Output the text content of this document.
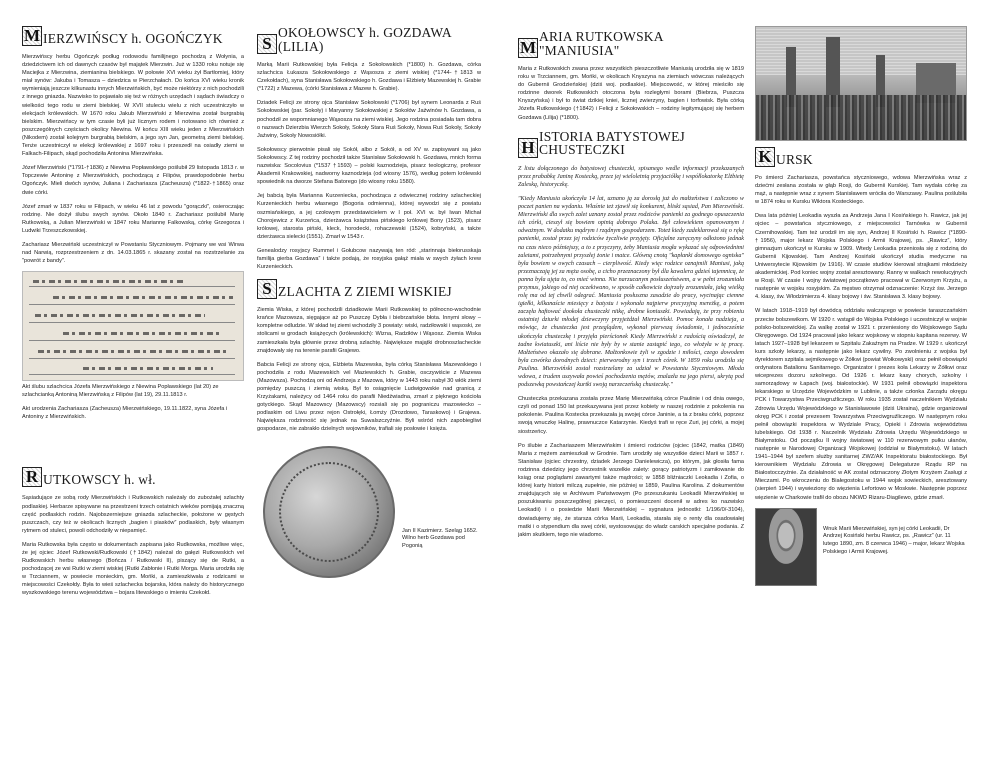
M IERZWIŃSCY h. OGOŃCZYK

Mierzwińscy herbu Ogończyk podług rodowodu familijnego pochodzą z Wołynia, a dziedzictwem ich od dawnych czasów był majątek Mierzwin. Już w 1330 roku notuje się Maciejka z Mierzwina, ziemianina bielskiego. W połowie XVI wieku żył Bartłomiej, który miał synów: Jakuba i Tomasza – dziedzica w Pierzchałach. Do końca XVI wieku kronik wymieniają jeszcze kilkunastu innych Mierzwińskich, być może niektórzy z nich pochodzili z innego gniazda. Nazwisko to pojawiało się też w różnych urzędach i sądach świadczy o wielkości tego rodu w ziemi bielskiej. W XVII stuleciu wielu z nich uczestniczyło w elekcjach królewskich. W 1670 roku Jakub Mierzwiński z Mierzwina został burgrabią bielskim. Mierzwińscy w tym czasie byli już licznym rodem i notowano ich również z poszczególnych częściach okolicy Niewina. W końcu XIII wieku jeden z Mierzwińskich (Nikodem) został kolejnym burgrabią bielskim, a jego syn Jan, geometrą ziemi bielskiej. Tenże uczestniczył w elekcji królewskiej z 1697 roku i przeszedł na osiadły ziemi w Falkach-Filipach, skąd pochodziła Antonina Mierzwińska.

Józef Mierzwiński (*1791-†1836) z Niewina Popławskiego poślubił 29 listopada 1813 r. w Topczewie Antoninę z Mierzwińskich, pochodzącą z Filipów, prawdopodobnie herbu Ogończyk. Mieli dwóch synów, Juliana i Zachariasza (Zacheusza) (*1822-†1865) oraz dwie córki.

Józef zmarł w 1837 roku w Filipach, w wieku 46 lat z powodu "gorączki", osieroczając rodzinę. Nie dożył ślubu swych synów. Około 1840 r. Zachariasz poślubił Marię Rutkowską, a Julian Mierzwiński w 1847 roku Mariannę Falkowską, córkę Grzegorza i Ludwiki Trzeszczkowskiej.

Zachariasz Mierzwiński uczestniczył w Powstaniu Styczniowym. Pojmany we wsi Wirwa nad Narwią, rozprzestrzeniem z dn. 14.03.1865 r. skazany został na rozstrzelanie za "powrót z bandy".

Akt ślubu szlachcica Józefa Mierzwińskiego z Niewina Popławskiego (lat 20) ze szlachcianką Antoniną Mierzwińską z Filipów (lat 19), 29.11.1813 r.

Akt urodzenia Zachariasza (Zacheusza) Mierzwińskiego, 19.11.1822, syna Józefa i Antoniny z Mierzwińskich.

R UTKOWSCY h. wł.

Sąsiadujące ze sobą rody Mierzwińskich i Rutkowskich należały do zubożałej szlachty podlaskiej. Herbarze spisywane na przestrzeni trzech ostatnich wieków pomijają znaczną część podlaskich rodzin. Najobszerniejsze gniazda szlacheckie, położone w gęstych puszczach, czy też w okolicach licznych „bagien i piasków” podlaskich, były własnym rytmem od stuleci, powoli odchodziły w niepamięć.

Maria Rutkowska była często w dokumentach zapisana jako Rudkowska, możliwe więc, że jej ojciec Józef Rutkowski/Rudkowski (†1842) należał do gałęzi Rutkowskich vel Rudkowskich herbu własnego (Bończa / Rutkowski II), piszący się de Rutki, a pochodzącej ze wsi Rutki w ziemi wiskiej (Rutki Zabłonie i Rutki Morga. Maria urodziła się w Trzciannem, w powiecie monieckim, gm. Mońki, a zamieszkiwała z rodzicami w miejscowości Czekołdy. Była to wieś szlachecka bojarska, która należy do historycznego wyszkowskiego terenu województwa – bojara litewskiego o imieniu Czekołd.

S
OKOŁOWSCY h. GOZDAWA (LILIA)

Marką Marii Rutkowskiej była Felicja z Sokołowskich (*1800) h. Gozdawa, córka szlachcica Łukasza Sokołowskiego z Wąsosza z ziemi wiskiej (*1744-†1813 w Czekołdach), syna Stanisława Sokołowskiego h. Gozdawa i Elżbiety Mazewskiej h. Grabie (*1722) z Mazewa, (córki Stanisława z Mazew h. Grabie).

Dziadek Felicji ze strony ojca Stanisław Sokołowski (*1706) był synem Leonarda z Ruś Sokołowskiej (par. Sokoły) i Maryanny Sokołowskiej z Sokołów Jaźwinów h. Gozdawa, a pochodził ze wspomnianego Wąsosza na ziemi wiskiej. Jego rodzina posiadała tam dobra o nazwach Dzierzbia Wierzch Sokoły, Sokoły Stara Ruś Sokoły, Nowa Ruś Sokoły, Sokoły Jaźwiny, Sokoły Nowosiółki.

Sokołowscy pierwotnie pisali się Sokół, albo z Sokół, a od XV w. zapisywani są jako Sokołowscy. Z tej rodziny pochodził także Stanisław Sokołowski h. Gozdawa, mnich forma nazwiska: Socolovius (*1537 †1593) – polski kaznodzieja, pisarz teologiczny, profesor Akademii Krakowskiej, nadworny kaznodzieja (od wiosny 1576), według potem królewski spowiednik na dworze Stefana Batorego (do wiosny roku 1580).

Jej babcią była Marianna Kurzeniecka, pochodząca z odwiecznej rodziny szlacheckiej Kurzenieckich herbu własnego (Bogoria odmienna), której wywodzi się z powiatu oszmiańskiego, a jej czołowym przedstawicielem w I poł. XVI w. był Iwan Michał Chorojewicz z Kurzeńca, dzierżawca książstwa pińskiego królowej Bony (1523), pisarz królowej, starosta piński, kleck, horodecki, rohaczewski (1524), kobryński, a także dzierżawca sielecki (1551). Zmarł w 1543 r.

Genealodzy rosyjscy Rummel i Gołubcow nazywają ten ród: „starinnaja biełorusskaja familija gierba Gozdawa” i także podają, że rosyjska gałąź miała w swych żyłach krew Kurzenieckich.

S ZLACHTA Z ZIEMI WISKIEJ

Ziemia Wiska, z której pochodzili dziadkowie Marii Rutkowskiej to północno-wschodnie krańce Mazowsza, sięgające aż po Puszczę Dybła i biebrzańskie błota. Innymi słowy – kompletne odludzie. W skład tej ziemi wchodziły 3 powiaty: wiski, radziłowski i wąsoski, ze stolicami w grodach książęcych (królewskich): Wizna, Radziłów i Wąsosz. Ziemia Wiska zamieszkała była głównie przez drobną szlachtę. Największe majątki drobnoszlacheckie znajdowały się na terenie parafii Grajewo.

Babcia Felicji ze strony ojca, Elżbieta Mazewska, była córką Stanisława Mazewskiego i pochodziła z rodu Mazewskich vel Maziewskich h. Grabie, osczywiście z Mazewa (Mazowsza). Pochodzą oni od Andrzeja z Mazowa, który w 1443 roku nabył 30 włók ziemi pomiędzy puszczą i ziemią wiską. Był to osiągnięcie Ludwigowskie nad granicą z Krzyżakami, należycy od 1464 roku do parafii Niedźwiadna, zmarł z pięknego kościoła gotyckiego. Skąd Mazowscy (Mazowscy) rozsiali się po pograniczu mazowiecko – podlaskim od Liwu przez rejon Ostrołęki, Łomży (Drozdowo, Taraskowo) i Grajewa. Największa rodzinność się jednak na Suwalszczyźnie. Byli wśród nich zapobiegliwi gospodarze, nie zabrakło dzielnych wojowników, trafiali się posłowie i księża.

Jan II Kazimierz. Szeląg 1652. Wilno herb Gozdawa pod Pogonią
M
ARIA RUTKOWSKA "MANIUSIA"

Maria z Rutkowskich zwana przez wszystkich pieszczotliwie Maniusią urodziła się w 1819 roku w Trzciannem, gm. Mońki, w okolicach Knyszyna na ziemiach wówczas należących do Gubernii Grodzieńskiej (dziś woj. podlaskie). Miejscowość, w której mieściło się rodzinne dworek Rutkowskich otoczona była rozległymi borami (Biebrza, Puszcza Knyszyńska) i był to świat dzikiej kniei, licznej zwierzyny, bagien i torfowisk. Była córką Józefa Rutkowskiego (†1842) i Felicji z Sokołowskich – rodziny legitymującej się herbem Gozdawa (Lilija) (*1800).

H
ISTORIA BATYSTOWEJ CHUSTECZKI

Z listu dołączonego do batystowej chusteczki, spisanego wedle informacji przekazanych przez prababkę Janinę Kostecką, przez jej wieloletnią przyjaciółkę i współlokatorkę Elżbietę Zaleską, historyczkę.

"Kiedy Maniusia ukończyła 14 lat, uznano ją za dorosłą już do małżeństwa i zaliczono w poczet panien na wydaniu. Właśnie też zjawił się konkurent, bliski sąsiad, Pan Mierzwiński. Mierzwiński dla swych zalet uznany został przez rodziców panienki za godnego opuszczenia ich córki, cieszył się bowiem opinią dobrego Polaka. Był człowiekiem opanowanym i odważnym. W dodatku mądrym i rządnym gospodarzem. Toteż kiedy zadeklarował się o rękę panienki, został przez jej rodziców życzliwie przyjęty. Oficjalne zaręczyny odłożono jednak na czas nieco późniejszy, a to z przyczyny, żeby Maniusia mogła wykazać się odpowiednimi zaletami, potrzebnymi przyszłej żonie i matce. Główną cnotą "kapłanki domowego ogniska" była bowiem w owych czasach – cierpliwość. Kiedy więc rodzice oznajmili Maniusi, jaką przeznaczają jej za męża osobę, a cicho przeznaczony był dla kawalera gdzieś tajemnicą, że panna była ujęta to, co mieć winna. Nie narzucanym posłuszeństwem, a w pełni zrozumiała przymus, jakiego od niej oczekiwano, w sposób całkowicie dojrzały zrozumiała, jaką wielką rolę ma od tej chwili odegrać. Maniusia posłuszna zasadzie do pracy, wycinając ciemne igiełki, kilkanaście miesięcy z batystu i wykonała najpierw precyzyjną mereżkę, a potem zaczęła haftować dookoła chusteczki nitkę, drobne koniuszki. Powiadają, że przy robieniu ostatniej dziurki młodej dziewczyny przyjeżdżał Mierzwiński. Pomoc konała nadzieja, a mówiąc, że chusteczka jest przeglądem, wykonał pierwszą świadomie, i jednocześnie ukończyła chusteczkę i przyjęła pierścionek Kiedy Mierzwiński z radością oświadczył, że żadne kwiatuszki, ani liście nie były by w stanie zastąpić tego, co włożyła w tę pracę. Małżeństwo okazało się dobrane. Małżonkowie żyli w zgodzie i miłości, czego dowodem była czwórka dorodnych dzieci: pierworodny syn i trzech córek. W 1859 roku urodziła się Paulina. Mierzwiński został rozstrzelany za udział w Powstaniu Styczniowym. Młoda wdowa, z trudem uszywała powieś pochodzenia mężów, znalazła na jego piersi, ukrytą pod podszewką powstańczej kurtki swoją narzeczeńską chusteczkę."

Chusteczka przekazana została przez Marię Mierzwińską córce Paulinie i od dnia owego, czyli od ponad 150 lat przekazywana jest przez kobiety w naszej rodzinie z pokolenia na pokolenie. Paulina Kostecka przekazała ją swojej córce Janinie, a ta z braku córki, poprzez swoją wnuczkę Halinę, prawnuczce Katarzynie. Kiedyś trafi w ręce Zuri, jej córki, a mojej siostrzeńcy.

Po ślubie z Zachariaszem Mierzwińskim i śmierci rodziców (ojciec (1842, matka (1849) Maria z mężem zamieszkali w Grodnie. Tam urodziły się wszystkie dzieci Marii w 1857 r. Stanisław (ojciec chrzestny, dziadek Jerzego Danielewicza), po którym, jak głosiła fama rodzinna dziedzicy jego chrzestnik wszelkie zalety: gorący patriotyzm i zamiłowanie do ksiąg oraz poglądami zawartymi także mądrości; w 1858 bliźniaczki Leokadia i Zofia, o której karty historii milczą zupełnie, nie później w 1859, Paulina Karolina. Z dokumentów znajdujących się w Archiwum Państwowym (Po przeszukaniu Leokadii Mierzwińskiej w poszukiwaniu poszczególnej pieczęci, o pomieszczeni docenił w adres ko nazwisko Leokadii) i o posiedzie Marii Mierzwińskiej – sygnatura jednostki: 1/196/0/-3104), dowiadujemy się, że starsza córka Marii, Leokadia, starała się o renty dla osadowiałej matki i o stypendium dla swej córki, wystosowując do władz carskich specjalne podania. Z jakim skutkiem, tego nie wiadomo.

K URSK

Po śmierci Zachariasza, powstańca styczniowego, wdowa Mierzwińska wraz z dziećmi zesłana została w głąb Rosji, do Gubernii Kurskiej. Tam wydała córkę za mąż, a następnie wraz z synem Stanisławem wróciła do Warszawy. Paulina poślubiła w 1874 roku w Kursku Wiktora Kosteckiego.

Dwa lata później Leokadia wyszła za Andrzeja Jana I Kosińskiego h. Rawicz, jak jej ojciec – powstańca styczniowego, z miejscowości Tarnówka w Gubernii Czernihowskiej. Tam też urodził im się syn, Andrzej II Kosiński h. Rawicz (*1890-†1956), major lekarz Wojska Polskiego i Armii Krajowej, ps. „Rawicz”, który gimnazjum ukończył w Kursku w 1909. Wtedy Leokadia przeniosła się z rodziną do Gubernii Kijowskiej. Tam Andrzej Kosiński ukończył studia medyczne na Uniwersytecie Kijowskim (w 1916). W czasie studiów kierował strajkami młodzieży akademickiej. Pod koniec wojny został aresztowany. Ranny w walkach rewolucyjnych w Rosji. W czasie I wojny światowej początkowo pracował w Czerwonym Krzyżu, a następnie w wojsku rosyjskim. Za męstwo otrzymał odznaczenie: Krzyż św. Jerzego 4. klasy, św. Włodzimierza 4. klasy bojowy i św. Stanisława 3. klasy bojowy.

W latach 1918–1919 był dowódcą oddziału walczącego w powiecie taraszczańskim przeciw bolszewikom. W 1920 r. wstąpił do Wojska Polskiego i uczestniczył w wojnie polsko-bolszewickiej. Za walkę został w 1921 r. przeniesiony do Wojskowego Sądu Okręgowego. Od 1924 pracował jako lekarz wojskowy w stopniu kapitana rezerwy. W latach 1927–1928 był lekarzem w Szpitalu Zakaźnym na Pradze. W 1929 r. ukończył kurs szkoły lekarzy, a następnie jako lekarz cywilny. Po zwolnieniu z wojska był dyrektorem szpitala sejmikowego w Żółkwi (powiat Wołkowyski) oraz pełnił obowiązki ordynatora Batalionu Sanitarnego. Organizator i prezes koła Lekarzy w Żółkwi oraz wiceprezes dozoru szkolnego. Od 1926 r. lekarz kasy chorych, szkolny i samorządowy w Łapach (woj. białostockie). W 1931 pełnił obowiązki inspektora lekarskiego w Urzędzie Wojewódzkim w Lublinie, a także członka Zarządu okręgu PCK i Towarzystwa Przeciwgruźliczego. W roku 1935 został naczelnikiem Wydziału Zdrowia Urzędu Wojewódzkiego w Stanisławowie (dziś Ukraina), gdzie organizował okręg PCK i został prezesem Towarzystwa Przeciwgruźliczego. W następnym roku pełnił obowiązki inspektora w Wydziale Pracy, Opieki i Zdrowia województwa lubelskiego. Od 1938 r. Naczelnik Wydziału Zdrowia Urzędu Wojewódzkiego w Białymstoku. Od początku II wojny światowej w 110 rezerwowym pułku ułanów, następnie w Narodowej Organizacji Wojskowej (oddział w Białymstoku). W latach 1941–1944 był szefem służby sanitarnej ZWZ/AK Inspektoratu białostockiego. Był kierownikiem Wydziału Zdrowia w Okręgowej Delegaturze Rządu RP na Białostocczyźnie. Za działalność w AK został odznaczony Złotym Krzyżem Zasługi z Mieczami. Po wkroczeniu do Białegostoku w 1944 wojsk sowieckich, aresztowany (sierpień 1944) i wywieziony do więzienia Lefortowo w Moskwie. Następnie poprzez więzienie w Charkowie trafił do obozu NKWD Rizaru-Diagilewo, gdzie zmarł.

Wnuk Marii Mierzwińskiej, syn jej córki Leokadii, Dr Andrzej Kosiński herbu Rawicz, ps. „Rawicz” (ur. 11 lutego 1890, zm. 8 czerwca 1946) – major, lekarz Wojska Polskiego i Armii Krajowej.
